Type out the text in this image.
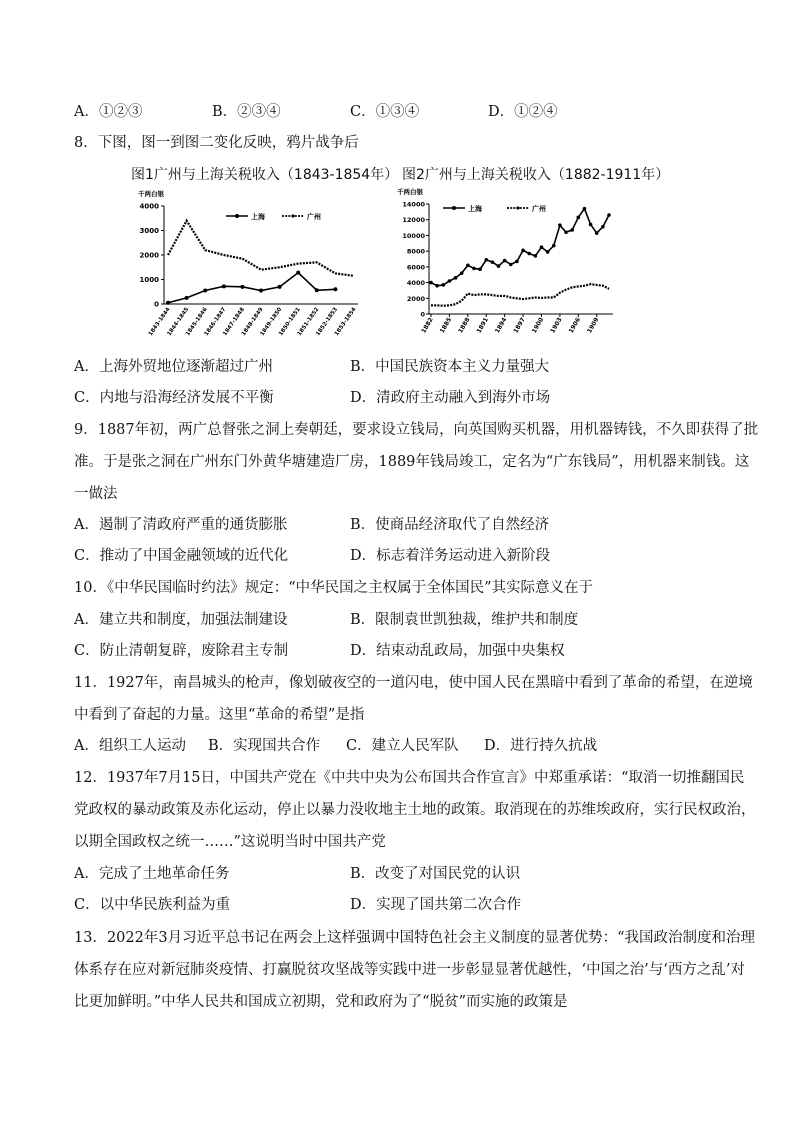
A．①②③	B．②③④	C．①③④	D．①②④
8．下图，图一到图二变化反映，鸦片战争后
图1广州与上海关税收入（1843-1854年） 图2广州与上海关税收入（1882-1911年）
千两白银
0
1000
2000
3000
4000
1843-1844
1844-1845
1845-1846
1846-1847
1847-1848
1848-1849
1849-1850
1850-1851
1851-1852
1852-1853
1853-1854
上海	广州
千两白银
0
2000
4000
6000
8000
10000
12000
14000
1882 1885 1888 1891 1894 1897 1900 1903 1906 1909
上海	广州
A．上海外贸地位逐渐超过广州	B．中国民族资本主义力量强大
C．内地与沿海经济发展不平衡	D．清政府主动融入到海外市场
9．1887年初，两广总督张之洞上奏朝廷，要求设立钱局，向英国购买机器，用机器铸钱，不久即获得了批
准。于是张之洞在广州东门外黄华塘建造厂房，1889年钱局竣工，定名为“广东钱局”，用机器来制钱。这
一做法
A．遏制了清政府严重的通货膨胀	B．使商品经济取代了自然经济
C．推动了中国金融领域的近代化	D．标志着洋务运动进入新阶段
10．《中华民国临时约法》规定：“中华民国之主权属于全体国民”其实际意义在于
A．建立共和制度，加强法制建设	B．限制袁世凯独裁，维护共和制度
C．防止清朝复辟，废除君主专制	D．结束动乱政局，加强中央集权
11．1927年，南昌城头的枪声，像划破夜空的一道闪电，使中国人民在黑暗中看到了革命的希望，在逆境
中看到了奋起的力量。这里“革命的希望”是指
A．组织工人运动 B．实现国共合作 C．建立人民军队 D．进行持久抗战
12．1937年7月15日，中国共产党在《中共中央为公布国共合作宣言》中郑重承诺：“取消一切推翻国民
党政权的暴动政策及赤化运动，停止以暴力没收地主土地的政策。取消现在的苏维埃政府，实行民权政治，
以期全国政权之统一……”这说明当时中国共产党
A．完成了土地革命任务	B．改变了对国民党的认识
C．以中华民族利益为重	D．实现了国共第二次合作
13．2022年3月习近平总书记在两会上这样强调中国特色社会主义制度的显著优势：“我国政治制度和治理
体系存在应对新冠肺炎疫情、打赢脱贫攻坚战等实践中进一步彰显显著优越性，‘中国之治’与‘西方之乱’对
比更加鲜明。”中华人民共和国成立初期，党和政府为了“脱贫”而实施的政策是
